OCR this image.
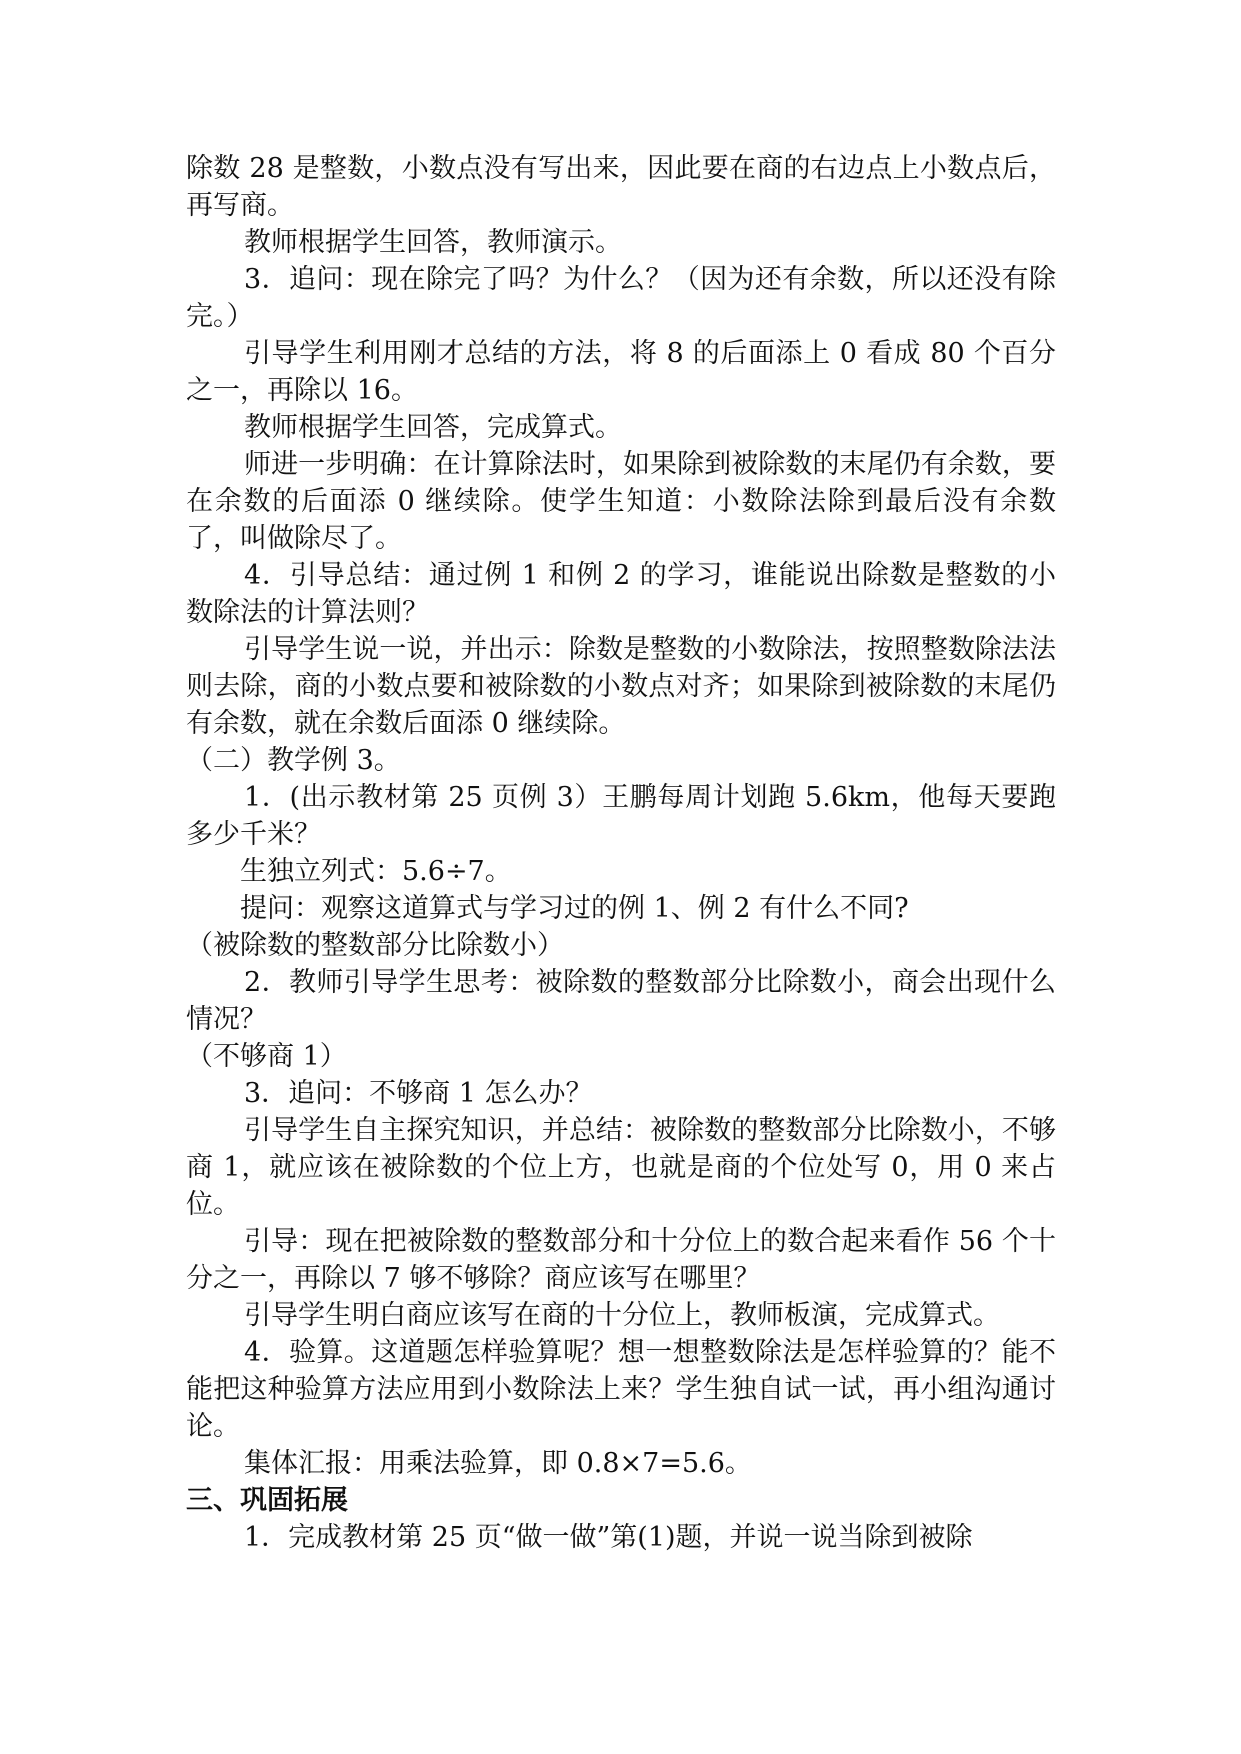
除数 28 是整数，小数点没有写出来，因此要在商的右边点上小数点后，再写商。

教师根据学生回答，教师演示。

3．追问：现在除完了吗？为什么？（因为还有余数，所以还没有除完。）

引导学生利用刚才总结的方法，将 8 的后面添上 0 看成 80 个百分之一，再除以 16。

教师根据学生回答，完成算式。

师进一步明确：在计算除法时，如果除到被除数的末尾仍有余数，要在余数的后面添 0 继续除。使学生知道：小数除法除到最后没有余数了，叫做除尽了。

4．引导总结：通过例 1 和例 2 的学习，谁能说出除数是整数的小数除法的计算法则？

引导学生说一说，并出示：除数是整数的小数除法，按照整数除法法则去除，商的小数点要和被除数的小数点对齐；如果除到被除数的末尾仍有余数，就在余数后面添 0 继续除。

（二）教学例 3。

1．(出示教材第 25 页例 3）王鹏每周计划跑 5.6km，他每天要跑多少千米？

生独立列式：5.6÷7。

提问：观察这道算式与学习过的例 1、例 2 有什么不同?

（被除数的整数部分比除数小）

2．教师引导学生思考：被除数的整数部分比除数小，商会出现什么情况？

（不够商 1）

3．追问：不够商 1 怎么办？

引导学生自主探究知识，并总结：被除数的整数部分比除数小，不够商 1，就应该在被除数的个位上方，也就是商的个位处写 0，用 0 来占位。

引导：现在把被除数的整数部分和十分位上的数合起来看作 56 个十分之一，再除以 7 够不够除？商应该写在哪里？

引导学生明白商应该写在商的十分位上，教师板演，完成算式。

4．验算。这道题怎样验算呢？想一想整数除法是怎样验算的？能不能把这种验算方法应用到小数除法上来？学生独自试一试，再小组沟通讨论。

集体汇报：用乘法验算，即 0.8×7=5.6。

三、巩固拓展

1．完成教材第 25 页“做一做”第(1)题，并说一说当除到被除
